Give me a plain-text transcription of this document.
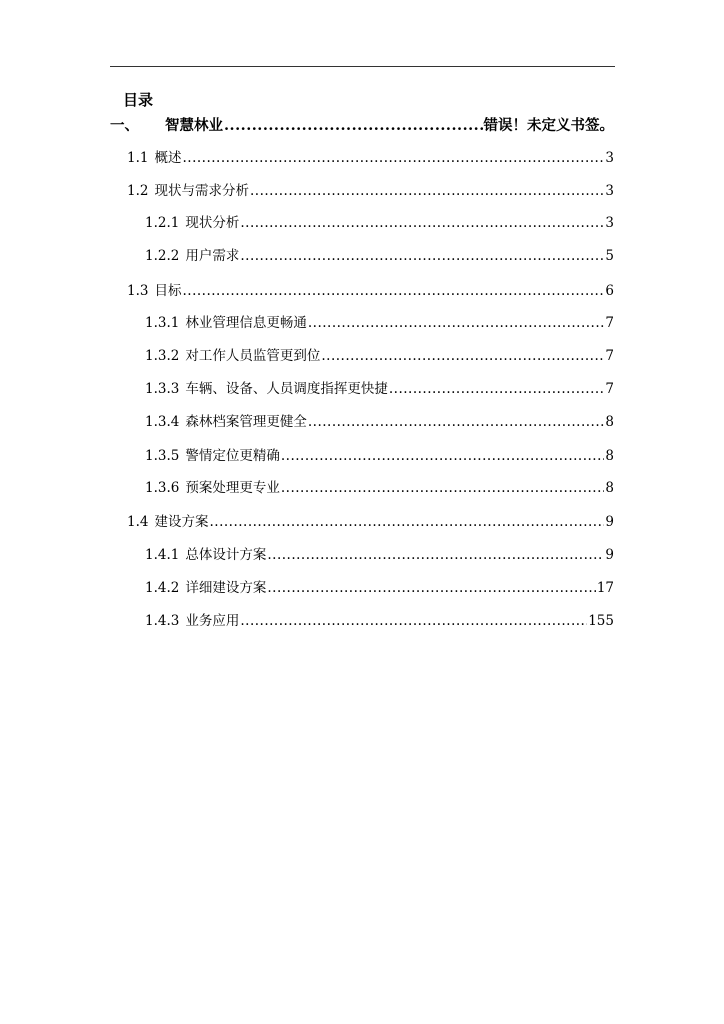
目录
一、 智慧林业 .....	错误！未定义书签。
1.1 概述 .....	3
1.2 现状与需求分析 .....	3
1.2.1 现状分析 .....	3
1.2.2 用户需求 .....	5
1.3 目标 .....	6
1.3.1 林业管理信息更畅通 .....	7
1.3.2 对工作人员监管更到位 .....	7
1.3.3 车辆、设备、人员调度指挥更快捷 .....	7
1.3.4 森林档案管理更健全 .....	8
1.3.5 警情定位更精确 .....	8
1.3.6 预案处理更专业 .....	8
1.4 建设方案 .....	9
1.4.1 总体设计方案 .....	9
1.4.2 详细建设方案 .....	17
1.4.3 业务应用 .....	155
